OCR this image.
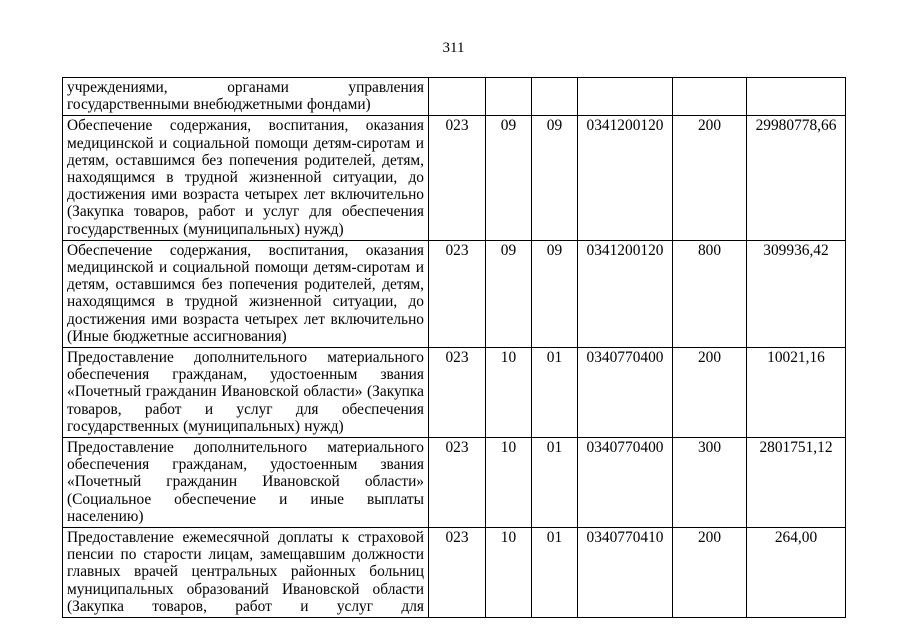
311
учреждениями, органами управления государственными внебюджетными фондами)						
Обеспечение содержания, воспитания, оказания медицинской и социальной помощи детям-сиротам и детям, оставшимся без попечения родителей, детям, находящимся в трудной жизненной ситуации, до достижения ими возраста четырех лет включительно (Закупка товаров, работ и услуг для обеспечения государственных (муниципальных) нужд)	023	09	09	0341200120	200	29980778,66
Обеспечение содержания, воспитания, оказания медицинской и социальной помощи детям-сиротам и детям, оставшимся без попечения родителей, детям, находящимся в трудной жизненной ситуации, до достижения ими возраста четырех лет включительно (Иные бюджетные ассигнования)	023	09	09	0341200120	800	309936,42
Предоставление дополнительного материального обеспечения гражданам, удостоенным звания «Почетный гражданин Ивановской области» (Закупка товаров, работ и услуг для обеспечения государственных (муниципальных) нужд)	023	10	01	0340770400	200	10021,16
Предоставление дополнительного материального обеспечения гражданам, удостоенным звания «Почетный гражданин Ивановской области» (Социальное обеспечение и иные выплаты населению)	023	10	01	0340770400	300	2801751,12
Предоставление ежемесячной доплаты к страховой пенсии по старости лицам, замещавшим должности главных врачей центральных районных больниц муниципальных образований Ивановской области (Закупка товаров, работ и услуг для	023	10	01	0340770410	200	264,00
